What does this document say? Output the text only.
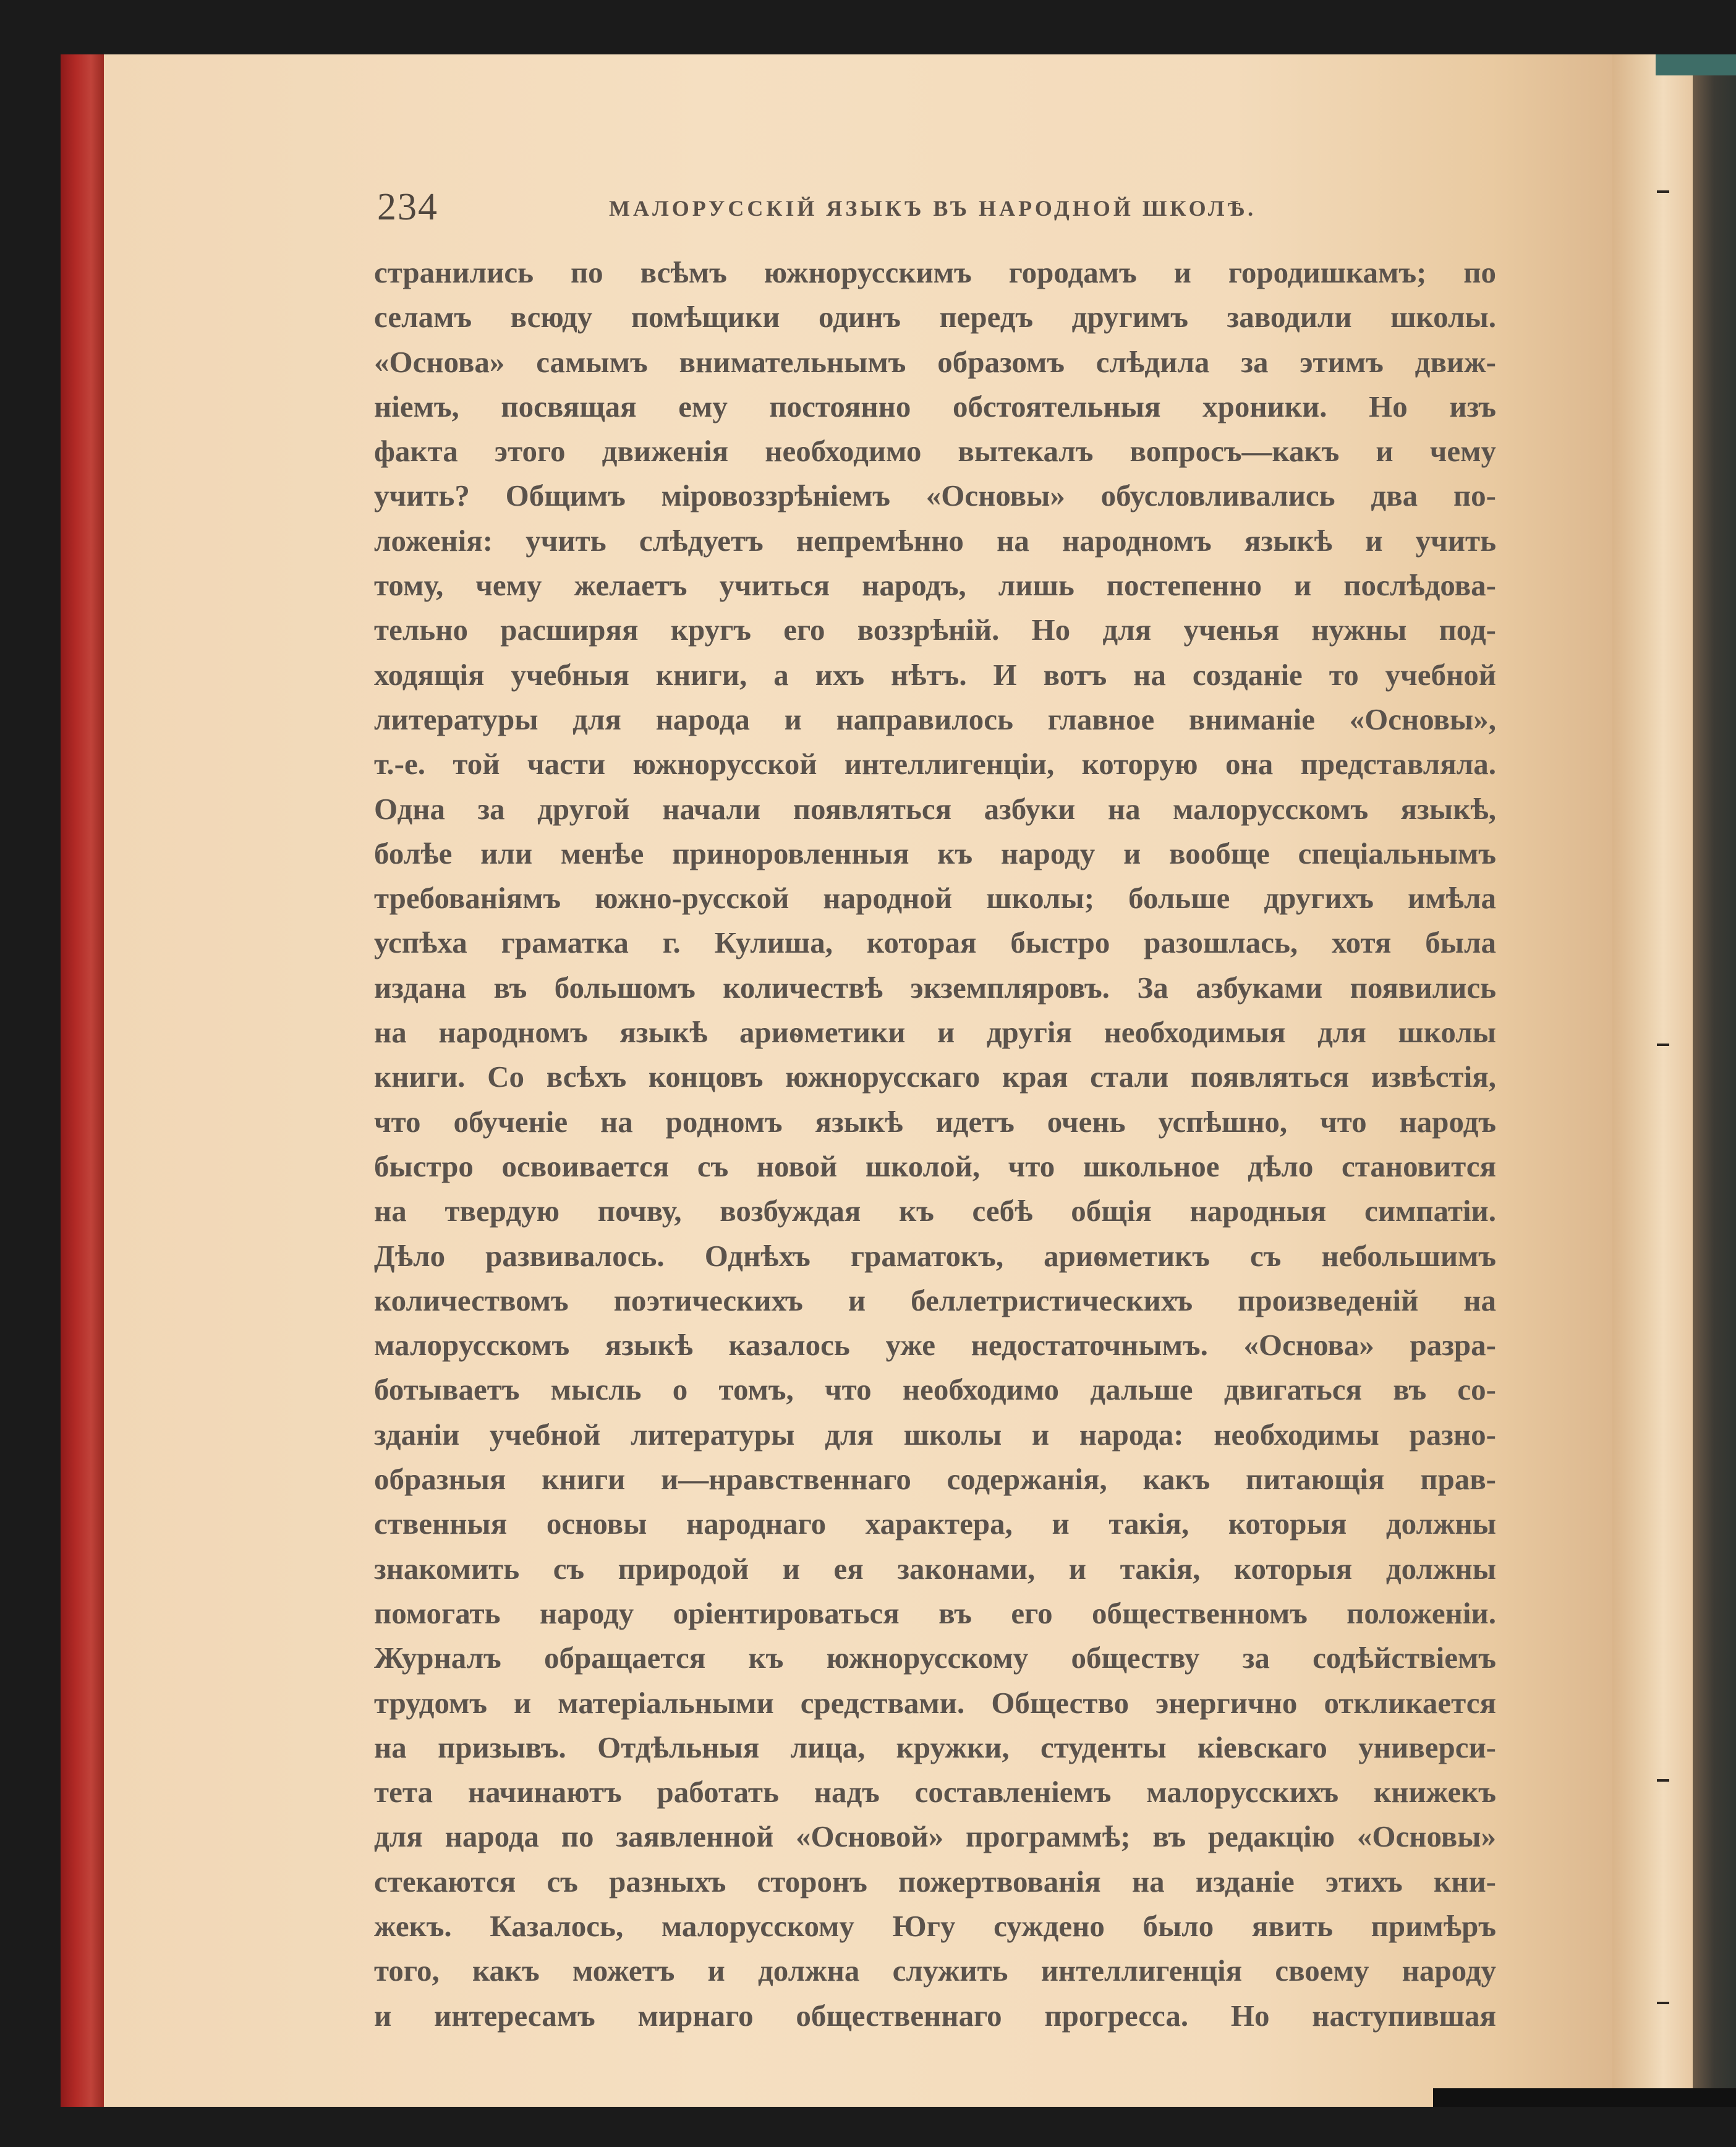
234	МАЛОРУССКІЙ ЯЗЫКЪ ВЪ НАРОДНОЙ ШКОЛѢ.
странились по всѣмъ южнорусскимъ городамъ и городишкамъ; по
селамъ всюду помѣщики одинъ передъ другимъ заводили школы.
«Основа» самымъ внимательнымъ образомъ слѣдила за этимъ движ-
ніемъ, посвящая ему постоянно обстоятельныя хроники. Но изъ
факта этого движенія необходимо вытекалъ вопросъ—какъ и чему
учить? Общимъ міровоззрѣніемъ «Основы» обусловливались два по-
ложенія: учить слѣдуетъ непремѣнно на народномъ языкѣ и учить
тому, чему желаетъ учиться народъ, лишь постепенно и послѣдова-
тельно расширяя кругъ его воззрѣній. Но для ученья нужны под-
ходящія учебныя книги, а ихъ нѣтъ. И вотъ на созданіе то учебной
литературы для народа и направилось главное вниманіе «Основы»,
т.-е. той части южнорусской интеллигенціи, которую она представляла.
Одна за другой начали появляться азбуки на малорусскомъ языкѣ,
болѣе или менѣе приноровленныя къ народу и вообще спеціальнымъ
требованіямъ южно-русской народной школы; больше другихъ имѣла
успѣха граматка г. Кулиша, которая быстро разошлась, хотя была
издана въ большомъ количествѣ экземпляровъ. За азбуками появились
на народномъ языкѣ ариѳметики и другія необходимыя для школы
книги. Со всѣхъ концовъ южнорусскаго края стали появляться извѣстія,
что обученіе на родномъ языкѣ идетъ очень успѣшно, что народъ
быстро освоивается съ новой школой, что школьное дѣло становится
на твердую почву, возбуждая къ себѣ общія народныя симпатіи.
Дѣло развивалось. Однѣхъ граматокъ, ариѳметикъ съ небольшимъ
количествомъ поэтическихъ и беллетристическихъ произведеній на
малорусскомъ языкѣ казалось уже недостаточнымъ. «Основа» разра-
ботываетъ мысль о томъ, что необходимо дальше двигаться въ со-
зданіи учебной литературы для школы и народа: необходимы разно-
образныя книги и—нравственнаго содержанія, какъ питающія прав-
ственныя основы народнаго характера, и такія, которыя должны
знакомить съ природой и ея законами, и такія, которыя должны
помогать народу оріентироваться въ его общественномъ положеніи.
Журналъ обращается къ южнорусскому обществу за содѣйствіемъ
трудомъ и матеріальными средствами. Общество энергично откликается
на призывъ. Отдѣльныя лица, кружки, студенты кіевскаго универси-
тета начинаютъ работать надъ составленіемъ малорусскихъ книжекъ
для народа по заявленной «Основой» программѣ; въ редакцію «Основы»
стекаются съ разныхъ сторонъ пожертвованія на изданіе этихъ кни-
жекъ. Казалось, малорусскому Югу суждено было явить примѣръ
того, какъ можетъ и должна служить интеллигенція своему народу
и интересамъ мирнаго общественнаго прогресса. Но наступившая
